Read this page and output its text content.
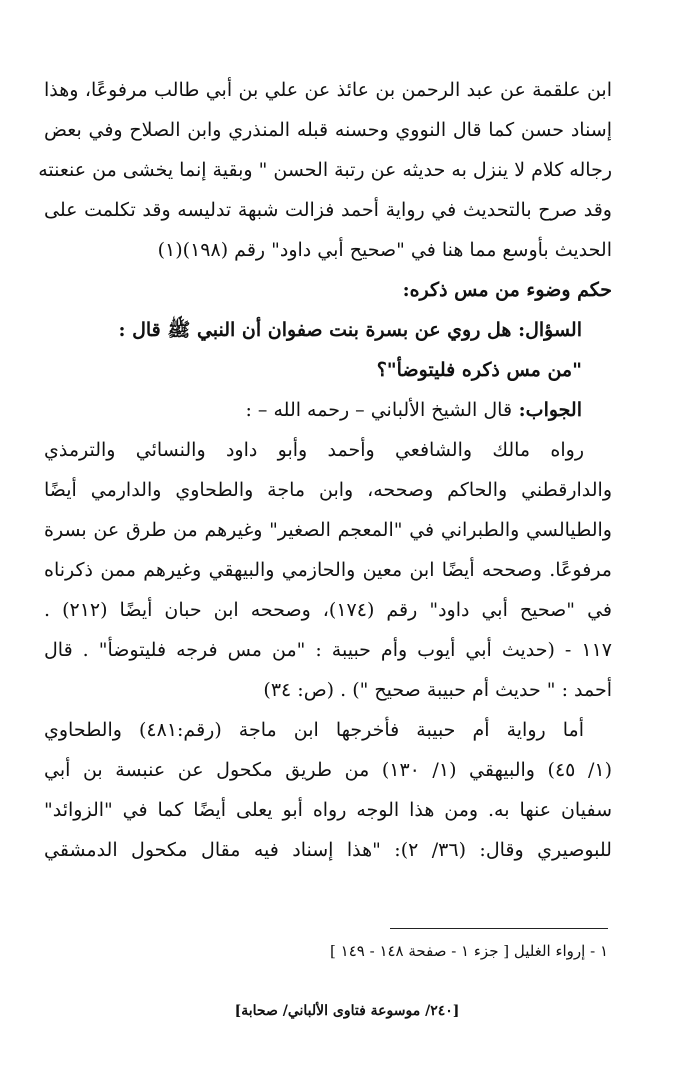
ابن علقمة عن عبد الرحمن بن عائذ عن علي بن أبي طالب مرفوعًا، وهذا

إسناد حسن كما قال النووي وحسنه قبله المنذري وابن الصلاح وفي بعض

رجاله كلام لا ينزل به حديثه عن رتبة الحسن " وبقية إنما يخشى من عنعنته

وقد صرح بالتحديث في رواية أحمد فزالت شبهة تدليسه وقد تكلمت على

الحديث بأوسع مما هنا في "صحيح أبي داود" رقم (١٩٨)(١)

حكم وضوء من مس ذكره:

السؤال: هل روي عن بسرة بنت صفوان أن النبي ﷺ قال :

"من مس ذكره فليتوضأ"؟

الجواب: قال الشيخ الألباني – رحمه الله – :

رواه مالك والشافعي وأحمد وأبو داود والنسائي والترمذي

والدارقطني والحاكم وصححه، وابن ماجة والطحاوي والدارمي أيضًا

والطيالسي والطبراني في "المعجم الصغير" وغيرهم من طرق عن بسرة

مرفوعًا. وصححه أيضًا ابن معين والحازمي والبيهقي وغيرهم ممن ذكرناه

في "صحيح أبي داود" رقم (١٧٤)، وصححه ابن حبان أيضًا (٢١٢) .

١١٧ - (حديث أبي أيوب وأم حبيبة : "من مس فرجه فليتوضأ" . قال

أحمد : " حديث أم حبيبة صحيح ") . (ص: ٣٤)

أما رواية أم حبيبة فأخرجها ابن ماجة (رقم:٤٨١) والطحاوي

(١/ ٤٥) والبيهقي (١/ ١٣٠) من طريق مكحول عن عنبسة بن أبي

سفيان عنها به. ومن هذا الوجه رواه أبو يعلى أيضًا كما في "الزوائد"

للبوصيري وقال: (٣٦/ ٢): "هذا إسناد فيه مقال مكحول الدمشقي

١ - إرواء الغليل [ جزء ١ - صفحة ١٤٨ - ١٤٩ ]
[٢٤٠/ موسوعة فتاوى الألباني/ صحابة]
